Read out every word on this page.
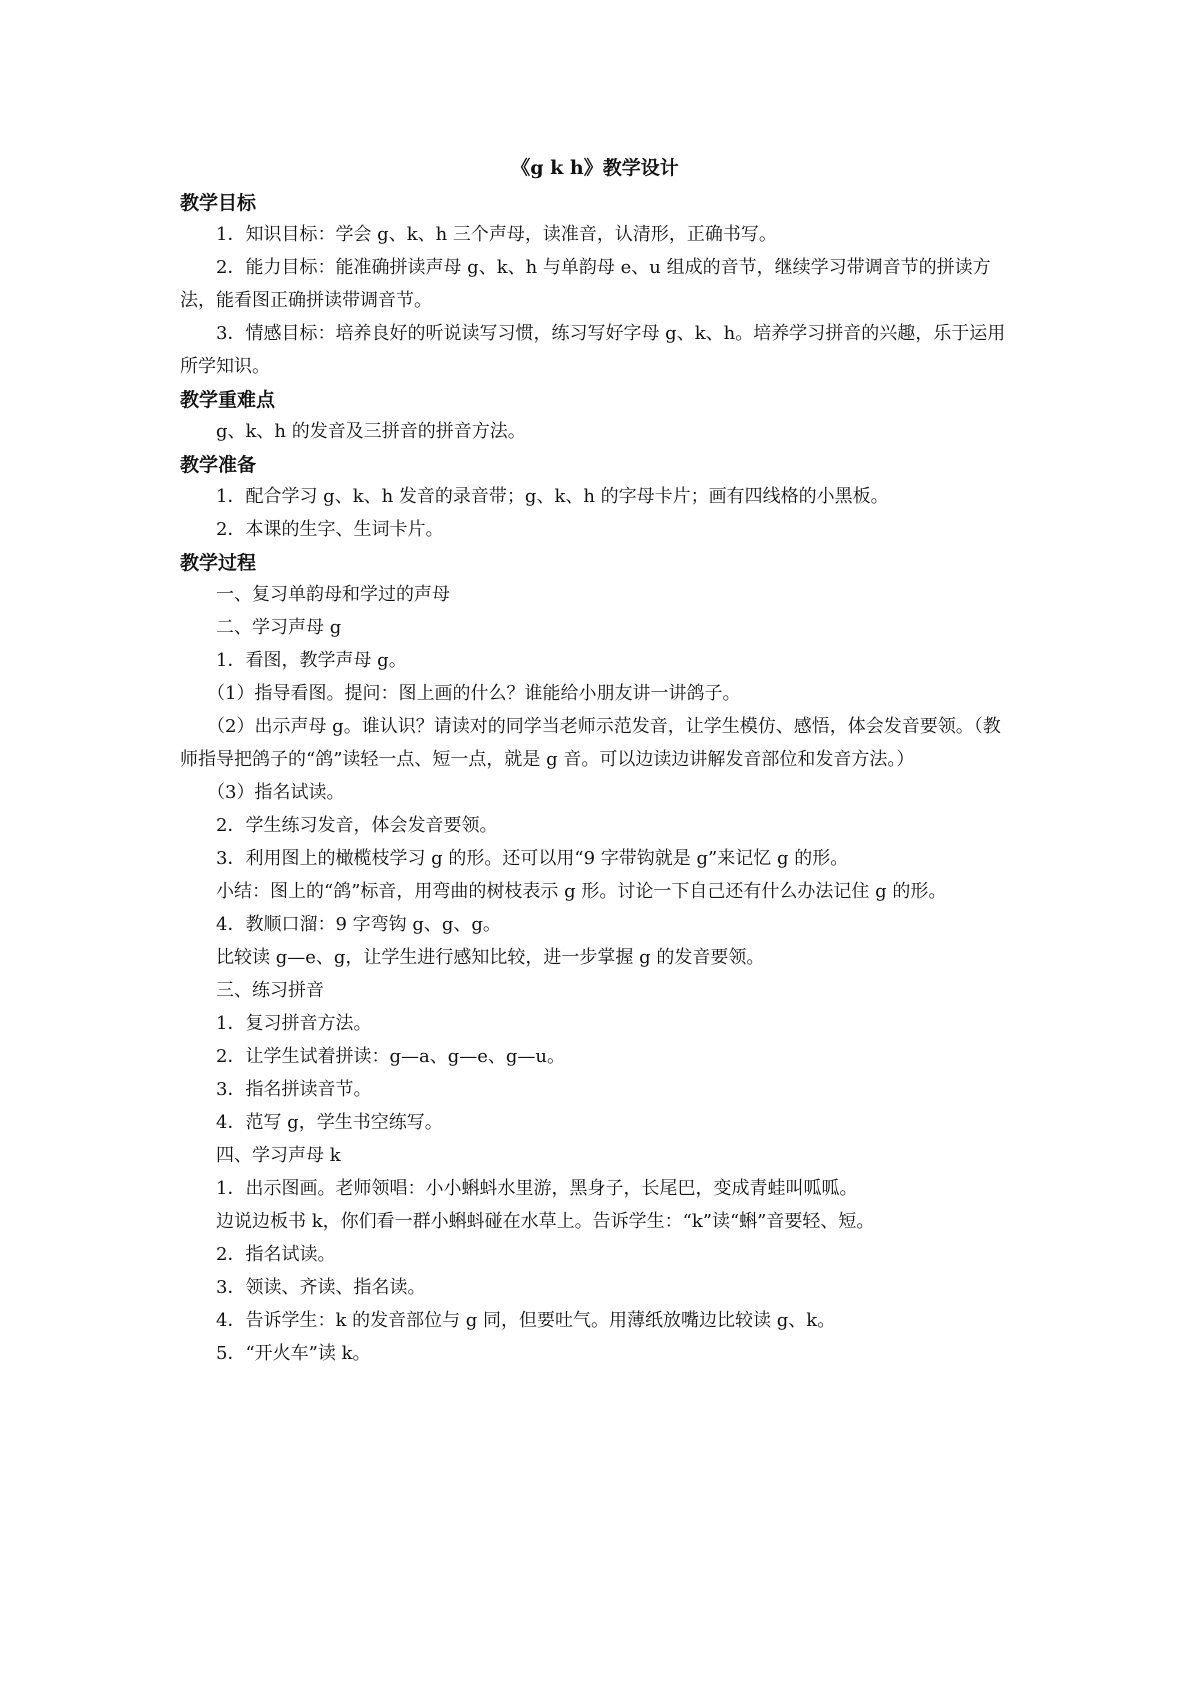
《g k h》教学设计
教学目标

1．知识目标：学会 g、k、h 三个声母，读准音，认清形，正确书写。

2．能力目标：能准确拼读声母 g、k、h 与单韵母 e、u 组成的音节，继续学习带调音节的拼读方法，能看图正确拼读带调音节。

3．情感目标：培养良好的听说读写习惯，练习写好字母 g、k、h。培养学习拼音的兴趣，乐于运用所学知识。

教学重难点

g、k、h 的发音及三拼音的拼音方法。

教学准备

1．配合学习 g、k、h 发音的录音带；g、k、h 的字母卡片；画有四线格的小黑板。

2．本课的生字、生词卡片。

教学过程

一、复习单韵母和学过的声母

二、学习声母 g

1．看图，教学声母 g。

（1）指导看图。提问：图上画的什么？谁能给小朋友讲一讲鸽子。

（2）出示声母 g。谁认识？请读对的同学当老师示范发音，让学生模仿、感悟，体会发音要领。（教师指导把鸽子的“鸽”读轻一点、短一点，就是 g 音。可以边读边讲解发音部位和发音方法。）

（3）指名试读。

2．学生练习发音，体会发音要领。

3．利用图上的橄榄枝学习 g 的形。还可以用“9 字带钩就是 g”来记忆 g 的形。

小结：图上的“鸽”标音，用弯曲的树枝表示 g 形。讨论一下自己还有什么办法记住 g 的形。

4．教顺口溜：9 字弯钩 g、g、g。

比较读 g—e、g，让学生进行感知比较，进一步掌握 g 的发音要领。

三、练习拼音

1．复习拼音方法。

2．让学生试着拼读：g—a、g—e、g—u。

3．指名拼读音节。

4．范写 g，学生书空练写。

四、学习声母 k

1．出示图画。老师领唱：小小蝌蚪水里游，黑身子，长尾巴，变成青蛙叫呱呱。

边说边板书 k，你们看一群小蝌蚪碰在水草上。告诉学生：“k”读“蝌”音要轻、短。

2．指名试读。

3．领读、齐读、指名读。

4．告诉学生：k 的发音部位与 g 同，但要吐气。用薄纸放嘴边比较读 g、k。

5．“开火车”读 k。
